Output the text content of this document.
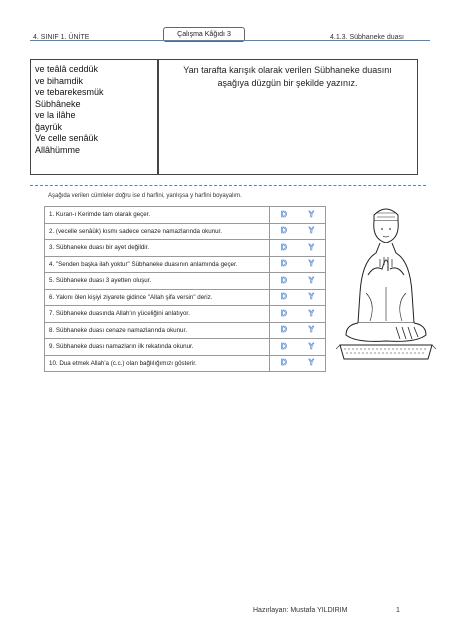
4. SINIF 1. ÜNİTE	Çalışma Kâğıdı 3	4.1.3. Sübhaneke duası
ve teâlâ ceddük
ve bihamdik
ve tebarekesmük
Sübhâneke
ve la ilâhe
ğayrük
Ve celle senâük
Allâhümme
Yan tarafta karışık olarak verilen Sübhaneke duasını
aşağıya düzgün bir şekilde yazınız.
Aşağıda verilen cümleler doğru ise d harfini, yanlışsa y harfini boyayalım.
1. Kuran-ı Kerimde tam olarak geçer.	D Y

2. (vecelle senâük) kısmı sadece cenaze namazlarında okunur.	D Y

3. Sübhaneke duası bir ayet değildir.	D Y

4. "Senden başka ilah yoktur" Sübhaneke duasının anlamında geçer.	D Y

5. Sübhaneke duası 3 ayetten oluşur.	D Y

6. Yakını ölen kişiyi ziyarete gidince "Allah şifa versin" deriz.	D Y

7. Sübhaneke duasında Allah'ın yüceliğini anlatıyor.	D Y

8. Sübhaneke duası cenaze namazlarında okunur.	D Y

9. Sübhaneke duası namazların ilk rekatında okunur.	D Y

10. Dua etmek Allah'a (c.c.) olan bağlılığımızı gösterir.	D Y
Hazırlayan: Mustafa YILDIRIM	1
